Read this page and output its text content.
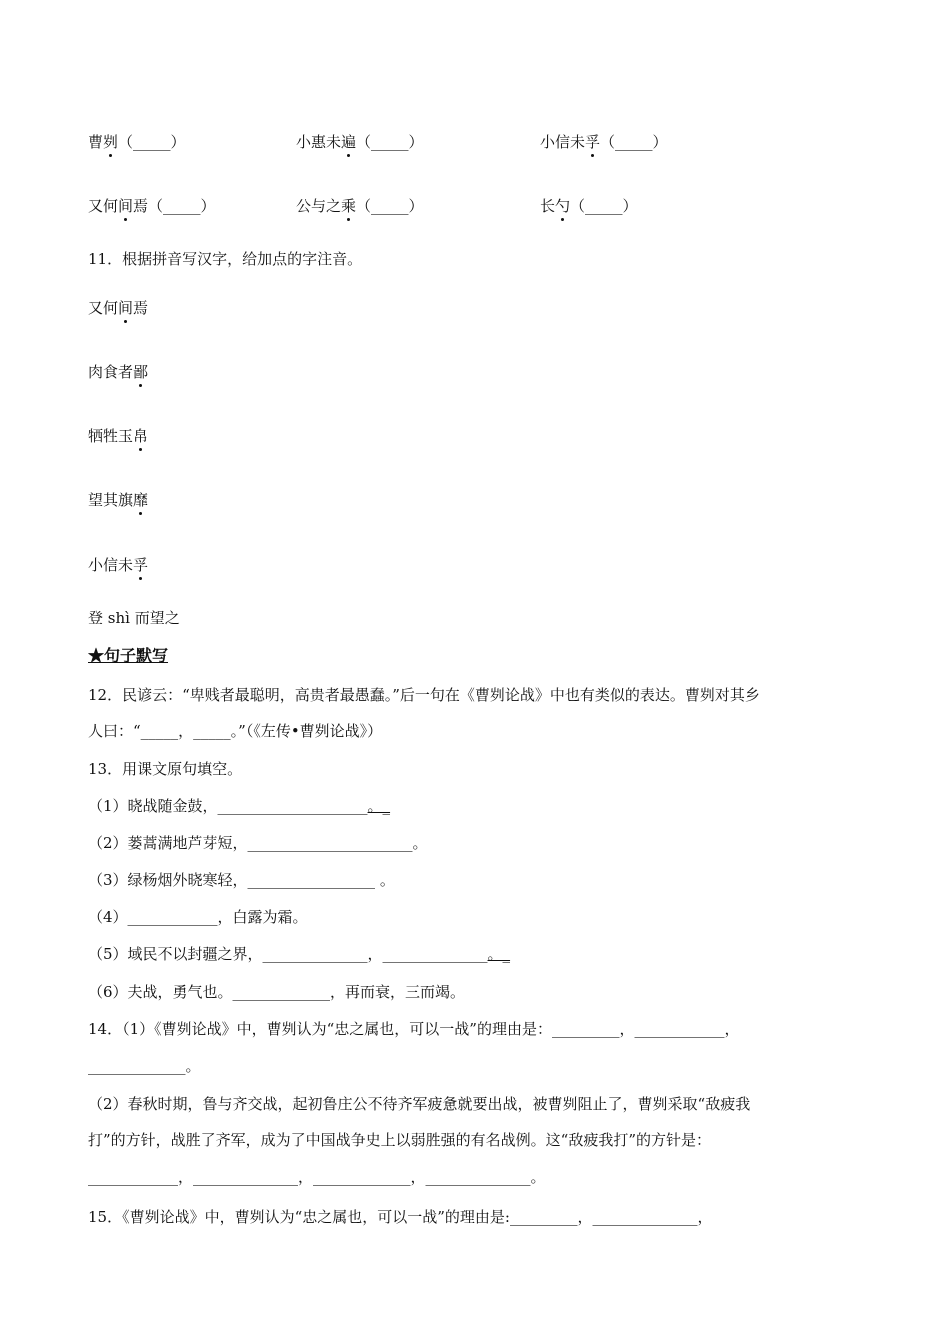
曹刿（_____）	小惠未遍（_____）	小信未孚（_____）
又何间焉（_____）	公与之乘（_____）	长勺（_____）
11．根据拼音写汉字，给加点的字注音。
又何间焉
肉食者鄙
牺牲玉帛
望其旗靡
小信未孚
登 shì 而望之
★句子默写
12．民谚云：“卑贱者最聪明，高贵者最愚蠢。”后一句在《曹刿论战》中也有类似的表达。曹刿对其乡
人曰：“_____，_____。”（《左传•曹刿论战》）
13．用课文原句填空。
（1）晓战随金鼓，____________________。_
（2）蒌蒿满地芦芽短，______________________。
（3）绿杨烟外晓寒轻，_________________ 。
（4）____________，白露为霜。
（5）域民不以封疆之界，______________，______________。_
（6）夫战，勇气也。_____________，再而衰，三而竭。
14．（1）《曹刿论战》中，曹刿认为“忠之属也，可以一战”的理由是：_________，____________，
_____________。
（2）春秋时期，鲁与齐交战，起初鲁庄公不待齐军疲惫就要出战，被曹刿阻止了，曹刿采取“敌疲我
打”的方针，战胜了齐军，成为了中国战争史上以弱胜强的有名战例。这“敌疲我打”的方针是：
____________，______________，_____________，______________。
15．《曹刿论战》中，曹刿认为“忠之属也，可以一战”的理由是:_________，______________，
